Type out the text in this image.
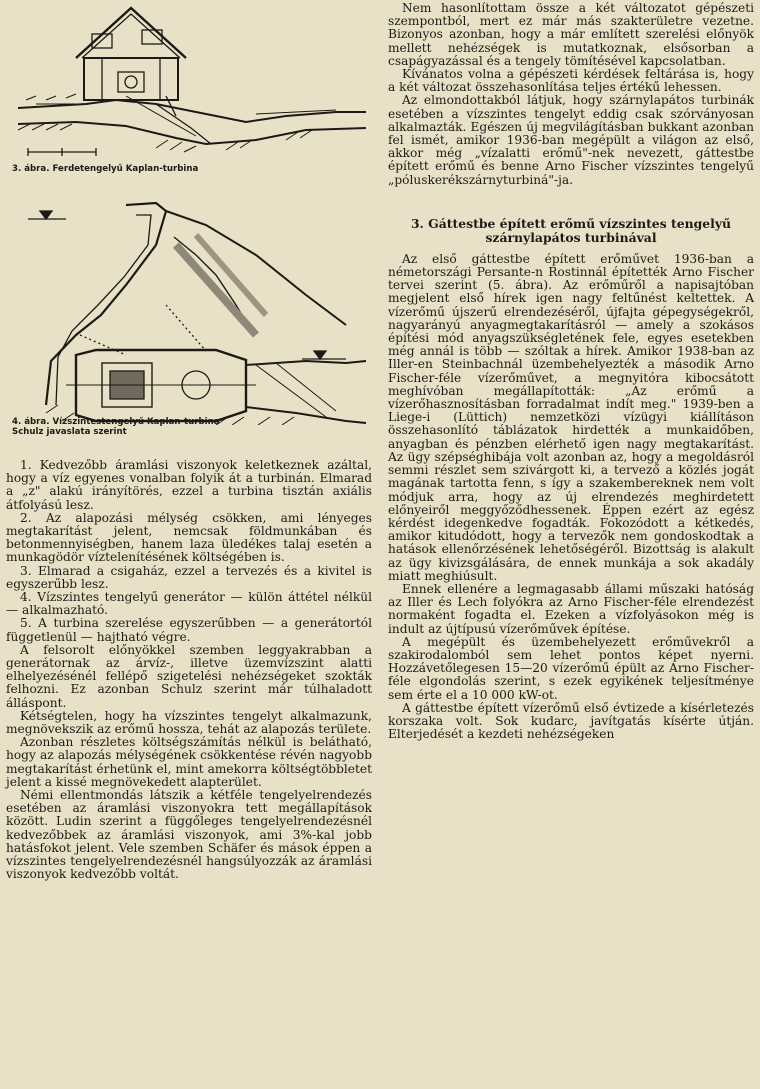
3. ábra. Ferdetengelyű Kaplan-turbina

4. ábra. Vízszintestengelyű Kaplan-turbina

Schulz javaslata szerint

1. Kedvezőbb áramlási viszonyok keletkeznek azáltal, hogy a víz egyenes vonalban folyik át a turbinán. Elmarad a „z" alakú irányítörés, ezzel a turbina tisztán axiális átfolyású lesz.

2. Az alapozási mélység csökken, ami lényeges megtakarítást jelent, nemcsak földmunkában és betonmennyiségben, hanem laza üledékes talaj esetén a munkagödör víztelenítésének költségében is.

3. Elmarad a csigaház, ezzel a tervezés és a kivitel is egyszerűbb lesz.

4. Vízszintes tengelyű generátor — külön áttétel nélkül — alkalmazható.

5. A turbina szerelése egyszerűbben — a generátortól függetlenül — hajtható végre.

A felsorolt előnyökkel szemben leggyakrabban a generátornak az árvíz-, illetve üzemvízszint alatti elhelyezésénél fellépő szigetelési nehézségeket szokták felhozni. Ez azonban Schulz szerint már túlhaladott álláspont.

Kétségtelen, hogy ha vízszintes tengelyt alkalmazunk, megnövekszik az erőmű hossza, tehát az alapozás területe.

Azonban részletes költségszámítás nélkül is belátható, hogy az alapozás mélységének csökkentése révén nagyobb megtakarítást érhetünk el, mint amekorra költségtöbbletet jelent a kissé megnövekedett alapterület.

Némi ellentmondás látszik a kétféle tengelyelrendezés esetében az áramlási viszonyokra tett megállapítások között. Ludin szerint a függőleges tengelyelrendezésnél kedvezőbbek az áramlási viszonyok, ami 3%-kal jobb hatásfokot jelent. Vele szemben Schäfer és mások éppen a vízszintes tengelyelrendezésnél hangsúlyozzák az áramlási viszonyok kedvezőbb voltát.

Nem hasonlítottam össze a két változatot gépészeti szempontból, mert ez már más szakterületre vezetne. Bizonyos azonban, hogy a már említett szerelési előnyök mellett nehézségek is mutatkoznak, elsősorban a csapágyazással és a tengely tömítésével kapcsolatban.

Kívánatos volna a gépészeti kérdések feltárása is, hogy a két változat összehasonlítása teljes értékű lehessen.

Az elmondottakból látjuk, hogy szárnylapátos turbinák esetében a vízszintes tengelyt eddig csak szórványosan alkalmazták. Egészen új megvilágításban bukkant azonban fel ismét, amikor 1936-ban megépült a világon az első, akkor még „vízalatti erőmű"-nek nevezett, gáttestbe épített erőmű és benne Arno Fischer vízszintes tengelyű „póluskerékszárnyturbiná"-ja.

3. Gáttestbe épített erőmű vízszintes tengelyű szárnylapátos turbinával

Az első gáttestbe épített erőművet 1936-ban a németországi Persante-n Rostinnál építették Arno Fischer tervei szerint (5. ábra). Az erőműről a napisajtóban megjelent első hírek igen nagy feltűnést keltettek. A vízerőmű újszerű elrendezéséről, újfajta gépegységekről, nagyarányú anyagmegtakarításról — amely a szokásos építési mód anyagszükségletének fele, egyes esetekben még annál is több — szóltak a hírek. Amikor 1938-ban az Iller-en Steinbachnál üzembehelyezték a második Arno Fischer-féle vízerőművet, a megnyitóra kibocsátott meghívóban megállapították: „Az erőmű a vízerőhasznosításban forradalmat indít meg." 1939-ben a Liege-i (Lüttich) nemzetközi vízügyi kiállításon összehasonlító táblázatok hirdették a munkaidőben, anyagban és pénzben elérhető igen nagy megtakarítást. Az ügy szépséghibája volt azonban az, hogy a megoldásról semmi részlet sem szivárgott ki, a tervező a közlés jogát magának tartotta fenn, s így a szakembereknek nem volt módjuk arra, hogy az új elrendezés meghirdetett előnyeiről meggyőződhessenek. Éppen ezért az egész kérdést idegenkedve fogadták. Fokozódott a kétkedés, amikor kitudódott, hogy a tervezők nem gondoskodtak a hatások ellenőrzésének lehetőségéről. Bizottság is alakult az ügy kivizsgálására, de ennek munkája a sok akadály miatt meghiúsult.

Ennek ellenére a legmagasabb állami műszaki hatóság az Iller és Lech folyókra az Arno Fischer-féle elrendezést normaként fogadta el. Ezeken a vízfolyásokon még is indult az újtípusú vízerőművek építése.

A megépült és üzembehelyezett erőművekről a szakirodalomból sem lehet pontos képet nyerni. Hozzávetőlegesen 15—20 vízerőmű épült az Arno Fischer-féle elgondolás szerint, s ezek egyikének teljesítménye sem érte el a 10 000 kW-ot.

A gáttestbe épített vízerőmű első évtizede a kísérletezés korszaka volt. Sok kudarc, javítgatás kísérte útján. Elterjedését a kezdeti nehézségeken
